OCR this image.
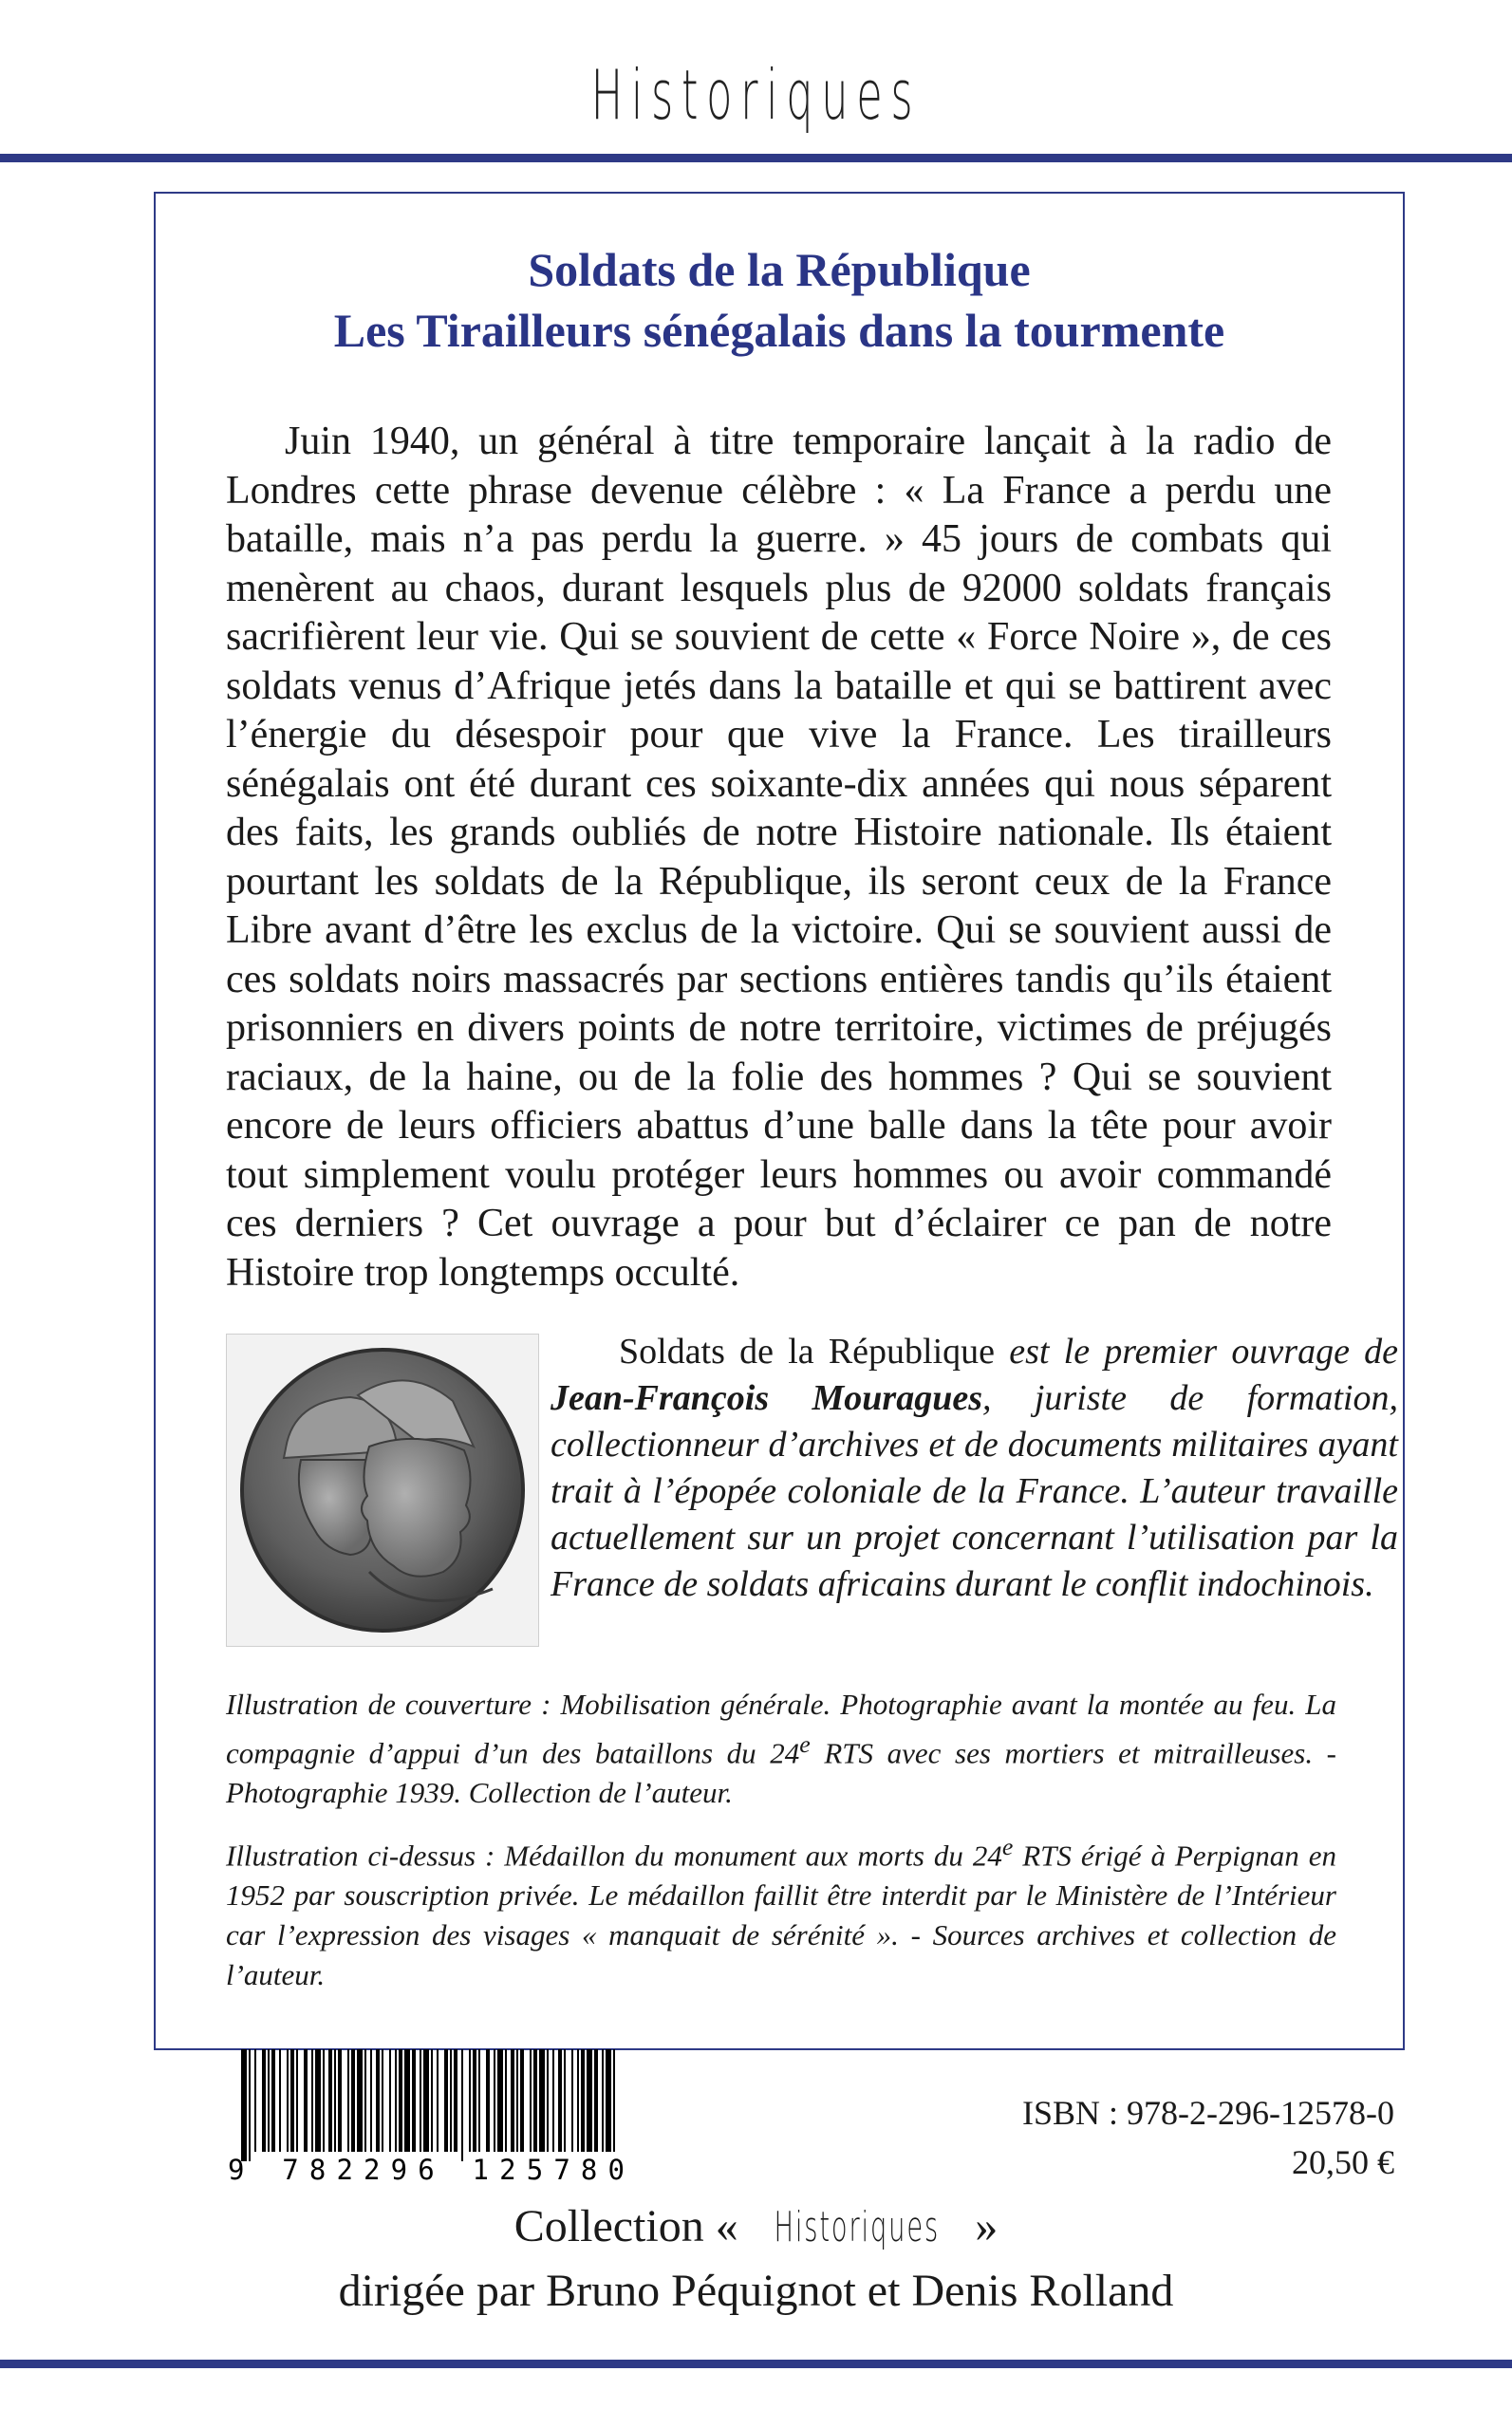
Historiques
Soldats de la République
Les Tirailleurs sénégalais dans la tourmente

Juin 1940, un général à titre temporaire lançait à la radio de Londres cette phrase devenue célèbre : « La France a perdu une bataille, mais n’a pas perdu la guerre. » 45 jours de combats qui menèrent au chaos, durant lesquels plus de 92000 soldats français sacrifièrent leur vie. Qui se souvient de cette « Force Noire », de ces soldats venus d’Afrique jetés dans la bataille et qui se battirent avec l’énergie du désespoir pour que vive la France. Les tirailleurs sénégalais ont été durant ces soixante-dix années qui nous séparent des faits, les grands oubliés de notre Histoire nationale. Ils étaient pourtant les soldats de la République, ils seront ceux de la France Libre avant d’être les exclus de la victoire. Qui se souvient aussi de ces soldats noirs massacrés par sections entières tandis qu’ils étaient prisonniers en divers points de notre territoire, victimes de préjugés raciaux, de la haine, ou de la folie des hommes ? Qui se souvient encore de leurs officiers abattus d’une balle dans la tête pour avoir tout simplement voulu protéger leurs hommes ou avoir commandé ces derniers ? Cet ouvrage a pour but d’éclairer ce pan de notre Histoire trop longtemps occulté.

Soldats de la République est le premier ouvrage de Jean-François Mouragues, juriste de formation, collectionneur d’archives et de documents militaires ayant trait à l’épopée coloniale de la France. L’auteur travaille actuellement sur un projet concernant l’utilisation par la France de soldats africains durant le conflit indochinois.

Illustration de couverture : Mobilisation générale. Photographie avant la montée au feu. La compagnie d’appui d’un des bataillons du 24e RTS avec ses mortiers et mitrailleuses. - Photographie 1939. Collection de l’auteur.

Illustration ci-dessus : Médaillon du monument aux morts du 24e RTS érigé à Perpignan en 1952 par souscription privée. Le médaillon faillit être interdit par le Ministère de l’Intérieur car l’expression des visages « manquait de sérénité ». - Sources archives et collection de l’auteur.

9 782296 125780
ISBN : 978-2-296-12578-0
20,50 €
Collection « Historiques »
dirigée par Bruno Péquignot et Denis Rolland
